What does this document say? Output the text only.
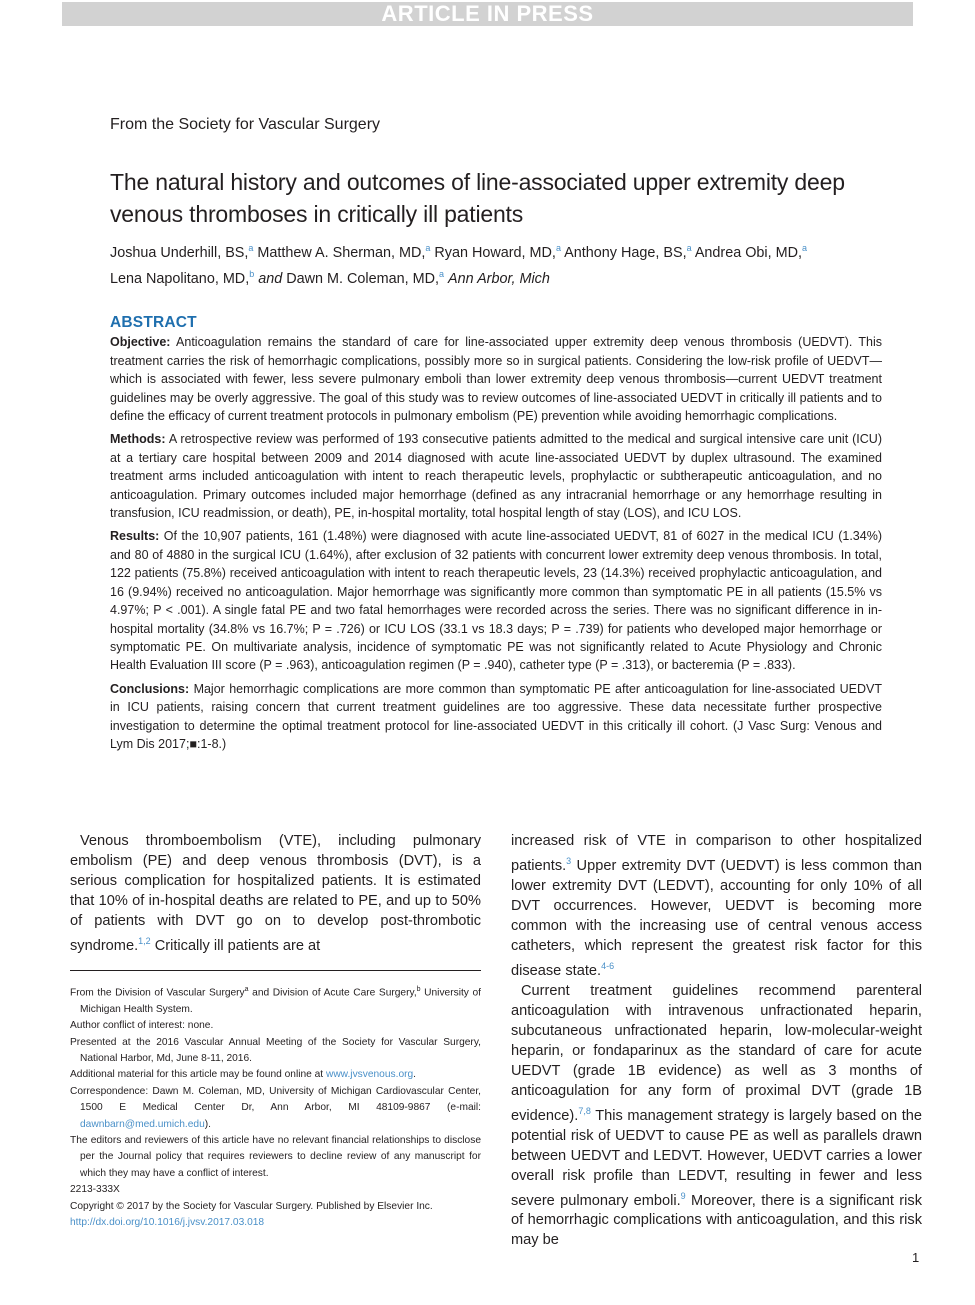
ARTICLE IN PRESS
From the Society for Vascular Surgery
The natural history and outcomes of line-associated upper extremity deep venous thromboses in critically ill patients
Joshua Underhill, BS,$^a$ Matthew A. Sherman, MD,$^a$ Ryan Howard, MD,$^a$ Anthony Hage, BS,$^a$ Andrea Obi, MD,$^a$
Lena Napolitano, MD,$^b$ and Dawn M. Coleman, MD,$^a$ Ann Arbor, Mich
ABSTRACT

Objective: Anticoagulation remains the standard of care for line-associated upper extremity deep venous thrombosis (UEDVT). This treatment carries the risk of hemorrhagic complications, possibly more so in surgical patients. Considering the low-risk profile of UEDVT—which is associated with fewer, less severe pulmonary emboli than lower extremity deep venous thrombosis—current UEDVT treatment guidelines may be overly aggressive. The goal of this study was to review outcomes of line-associated UEDVT in critically ill patients and to define the efficacy of current treatment protocols in pulmonary embolism (PE) prevention while avoiding hemorrhagic complications.

Methods: A retrospective review was performed of 193 consecutive patients admitted to the medical and surgical intensive care unit (ICU) at a tertiary care hospital between 2009 and 2014 diagnosed with acute line-associated UEDVT by duplex ultrasound. The examined treatment arms included anticoagulation with intent to reach therapeutic levels, prophylactic or subtherapeutic anticoagulation, and no anticoagulation. Primary outcomes included major hemorrhage (defined as any intracranial hemorrhage or any hemorrhage resulting in transfusion, ICU readmission, or death), PE, in-hospital mortality, total hospital length of stay (LOS), and ICU LOS.

Results: Of the 10,907 patients, 161 (1.48%) were diagnosed with acute line-associated UEDVT, 81 of 6027 in the medical ICU (1.34%) and 80 of 4880 in the surgical ICU (1.64%), after exclusion of 32 patients with concurrent lower extremity deep venous thrombosis. In total, 122 patients (75.8%) received anticoagulation with intent to reach therapeutic levels, 23 (14.3%) received prophylactic anticoagulation, and 16 (9.94%) received no anticoagulation. Major hemorrhage was significantly more common than symptomatic PE in all patients (15.5% vs 4.97%; P < .001). A single fatal PE and two fatal hemorrhages were recorded across the series. There was no significant difference in in-hospital mortality (34.8% vs 16.7%; P = .726) or ICU LOS (33.1 vs 18.3 days; P = .739) for patients who developed major hemorrhage or symptomatic PE. On multivariate analysis, incidence of symptomatic PE was not significantly related to Acute Physiology and Chronic Health Evaluation III score (P = .963), anticoagulation regimen (P = .940), catheter type (P = .313), or bacteremia (P = .833).

Conclusions: Major hemorrhagic complications are more common than symptomatic PE after anticoagulation for line-associated UEDVT in ICU patients, raising concern that current treatment guidelines are too aggressive. These data necessitate further prospective investigation to determine the optimal treatment protocol for line-associated UEDVT in this critically ill cohort. (J Vasc Surg: Venous and Lym Dis 2017;■:1-8.)

Venous thromboembolism (VTE), including pulmonary embolism (PE) and deep venous thrombosis (DVT), is a serious complication for hospitalized patients. It is estimated that 10% of in-hospital deaths are related to PE, and up to 50% of patients with DVT go on to develop post-thrombotic syndrome.$^{1,2}$ Critically ill patients are at

From the Division of Vascular Surgery$^a$ and Division of Acute Care Surgery,$^b$ University of Michigan Health System.
Author conflict of interest: none.
Presented at the 2016 Vascular Annual Meeting of the Society for Vascular Surgery, National Harbor, Md, June 8-11, 2016.
Additional material for this article may be found online at www.jvsvenous.org.
Correspondence: Dawn M. Coleman, MD, University of Michigan Cardiovascular Center, 1500 E Medical Center Dr, Ann Arbor, MI 48109-9867 (e-mail: dawnbarn@med.umich.edu).
The editors and reviewers of this article have no relevant financial relationships to disclose per the Journal policy that requires reviewers to decline review of any manuscript for which they may have a conflict of interest.
2213-333X
Copyright © 2017 by the Society for Vascular Surgery. Published by Elsevier Inc.
http://dx.doi.org/10.1016/j.jvsv.2017.03.018

increased risk of VTE in comparison to other hospitalized patients.$^3$ Upper extremity DVT (UEDVT) is less common than lower extremity DVT (LEDVT), accounting for only 10% of all DVT occurrences. However, UEDVT is becoming more common with the increasing use of central venous access catheters, which represent the greatest risk factor for this disease state.$^{4-6}$

Current treatment guidelines recommend parenteral anticoagulation with intravenous unfractionated heparin, subcutaneous unfractionated heparin, low-molecular-weight heparin, or fondaparinux as the standard of care for acute UEDVT (grade 1B evidence) as well as 3 months of anticoagulation for any form of proximal DVT (grade 1B evidence).$^{7,8}$ This management strategy is largely based on the potential risk of UEDVT to cause PE as well as parallels drawn between UEDVT and LEDVT. However, UEDVT carries a lower overall risk profile than LEDVT, resulting in fewer and less severe pulmonary emboli.$^9$ Moreover, there is a significant risk of hemorrhagic complications with anticoagulation, and this risk may be

1
